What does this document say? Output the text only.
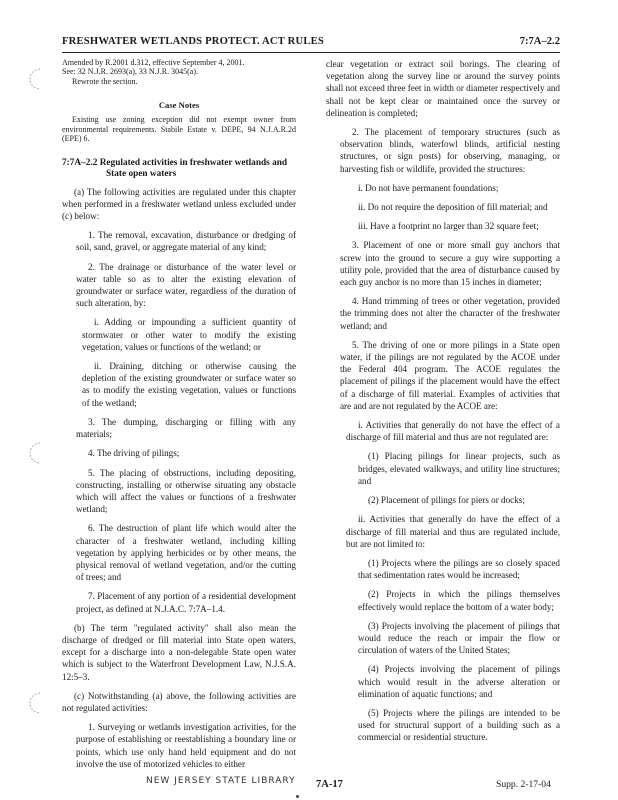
FRESHWATER WETLANDS PROTECT. ACT RULES	7:7A–2.2
Amended by R.2001 d.312, effective September 4, 2001.
See: 32 N.J.R. 2693(a), 33 N.J.R. 3045(a).
Rewrote the section.
Case Notes

Existing use zoning exception did not exempt owner from environmental requirements. Stabile Estate v. DEPE, 94 N.J.A.R.2d (EPE) 6.

7:7A–2.2 Regulated activities in freshwater wetlands and State open waters

(a) The following activities are regulated under this chapter when performed in a freshwater wetland unless excluded under (c) below:

1. The removal, excavation, disturbance or dredging of soil, sand, gravel, or aggregate material of any kind;

2. The drainage or disturbance of the water level or water table so as to alter the existing elevation of groundwater or surface water, regardless of the duration of such alteration, by:

i. Adding or impounding a sufficient quantity of stormwater or other water to modify the existing vegetation, values or functions of the wetland; or

ii. Draining, ditching or otherwise causing the depletion of the existing groundwater or surface water so as to modify the existing vegetation, values or functions of the wetland;

3. The dumping, discharging or filling with any materials;

4. The driving of pilings;

5. The placing of obstructions, including depositing, constructing, installing or otherwise situating any obstacle which will affect the values or functions of a freshwater wetland;

6. The destruction of plant life which would alter the character of a freshwater wetland, including killing vegetation by applying herbicides or by other means, the physical removal of wetland vegetation, and/or the cutting of trees; and

7. Placement of any portion of a residential development project, as defined at N.J.A.C. 7:7A–1.4.

(b) The term "regulated activity" shall also mean the discharge of dredged or fill material into State open waters, except for a discharge into a non-delegable State open water which is subject to the Waterfront Development Law, N.J.S.A. 12:5–3.

(c) Notwithstanding (a) above, the following activities are not regulated activities:

1. Surveying or wetlands investigation activities, for the purpose of establishing or reestablishing a boundary line or points, which use only hand held equipment and do not involve the use of motorized vehicles to either

clear vegetation or extract soil borings. The clearing of vegetation along the survey line or around the survey points shall not exceed three feet in width or diameter respectively and shall not be kept clear or maintained once the survey or delineation is completed;

2. The placement of temporary structures (such as observation blinds, waterfowl blinds, artificial nesting structures, or sign posts) for observing, managing, or harvesting fish or wildlife, provided the structures:

i. Do not have permanent foundations;

ii. Do not require the deposition of fill material; and

iii. Have a footprint no larger than 32 square feet;

3. Placement of one or more small guy anchors that screw into the ground to secure a guy wire supporting a utility pole, provided that the area of disturbance caused by each guy anchor is no more than 15 inches in diameter;

4. Hand trimming of trees or other vegetation, provided the trimming does not alter the character of the freshwater wetland; and

5. The driving of one or more pilings in a State open water, if the pilings are not regulated by the ACOE under the Federal 404 program. The ACOE regulates the placement of pilings if the placement would have the effect of a discharge of fill material. Examples of activities that are and are not regulated by the ACOE are:

i. Activities that generally do not have the effect of a discharge of fill material and thus are not regulated are:

(1) Placing pilings for linear projects, such as bridges, elevated walkways, and utility line structures; and

(2) Placement of pilings for piers or docks;

ii. Activities that generally do have the effect of a discharge of fill material and thus are regulated include, but are not limited to:

(1) Projects where the pilings are so closely spaced that sedimentation rates would be increased;

(2) Projects in which the pilings themselves effectively would replace the bottom of a water body;

(3) Projects involving the placement of pilings that would reduce the reach or impair the flow or circulation of waters of the United States;

(4) Projects involving the placement of pilings which would result in the adverse alteration or elimination of aquatic functions; and

(5) Projects where the pilings are intended to be used for structural support of a building such as a commercial or residential structure.

NEW JERSEY STATE LIBRARY 7A-17	Supp. 2-17-04
